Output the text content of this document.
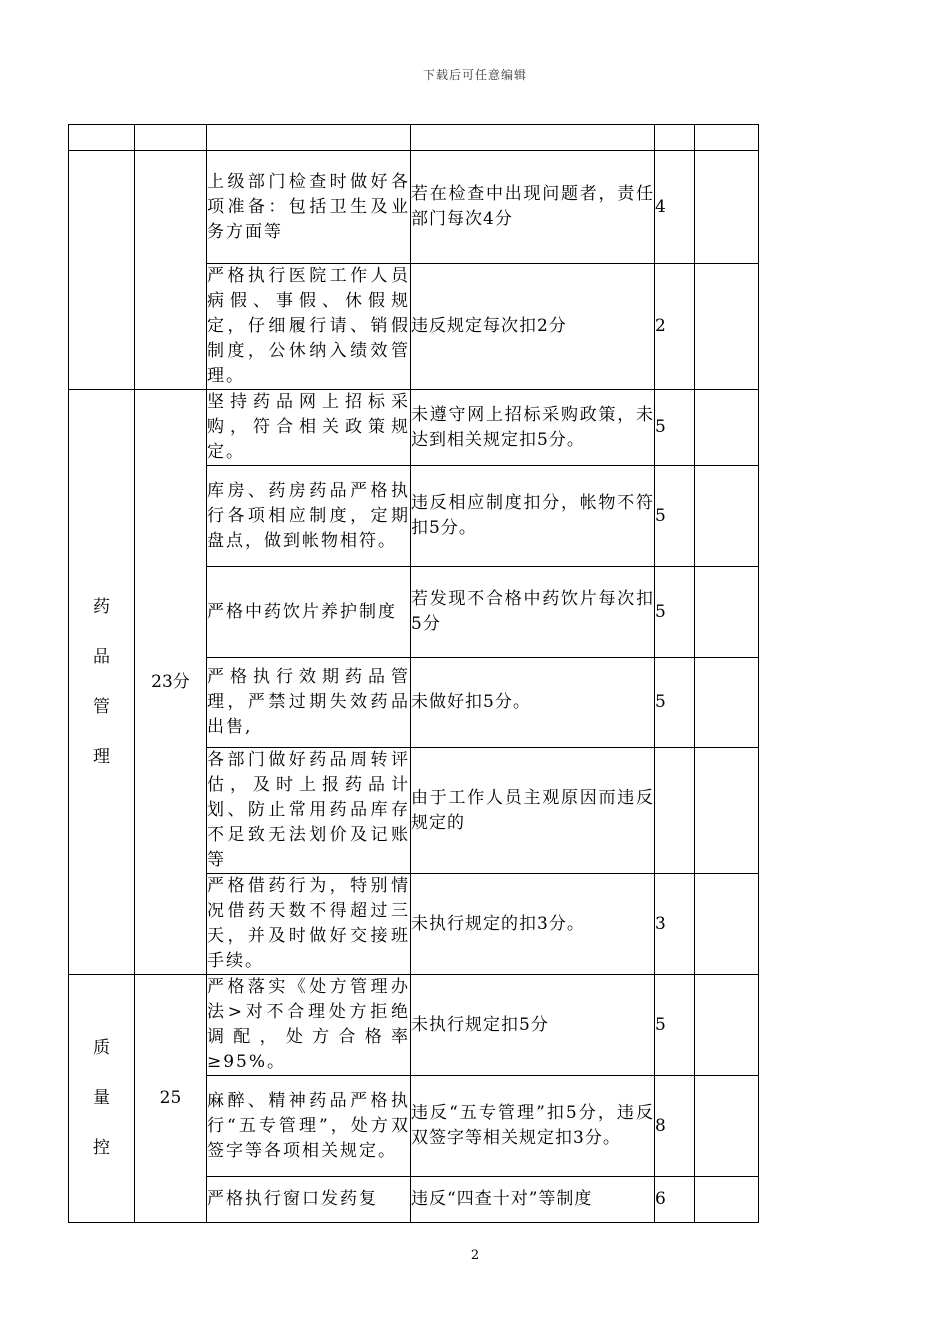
下载后可任意编辑

		上级部门检查时做好各项准备：包括卫生及业务方面等	若在检查中出现问题者，责任部门每次4分	4	
		严格执行医院工作人员病假、事假、休假规定，仔细履行请、销假制度，公休纳入绩效管理。	违反规定每次扣2分	2	

药

品

管

理	23分	坚持药品网上招标采购，符合相关政策规定。	未遵守网上招标采购政策，未达到相关规定扣5分。	5	
		库房、药房药品严格执行各项相应制度，定期盘点，做到帐物相符。	违反相应制度扣分，帐物不符扣5分。	5	
		严格中药饮片养护制度	若发现不合格中药饮片每次扣5分	5	
		严格执行效期药品管理，严禁过期失效药品出售,	未做好扣5分。	5	
		各部门做好药品周转评估，及时上报药品计划、防止常用药品库存不足致无法划价及记账等	由于工作人员主观原因而违反规定的		
		严格借药行为，特别情况借药天数不得超过三天，并及时做好交接班手续。	未执行规定的扣3分。	3	

质

量

控	25	严格落实《处方管理办法>对不合理处方拒绝调配，处方合格率≥95%。	未执行规定扣5分	5	
		麻醉、精神药品严格执行“五专管理”，处方双签字等各项相关规定。	违反“五专管理”扣5分，违反双签字等相关规定扣3分。	8	
		严格执行窗口发药复	违反“四查十对”等制度	6	
2
